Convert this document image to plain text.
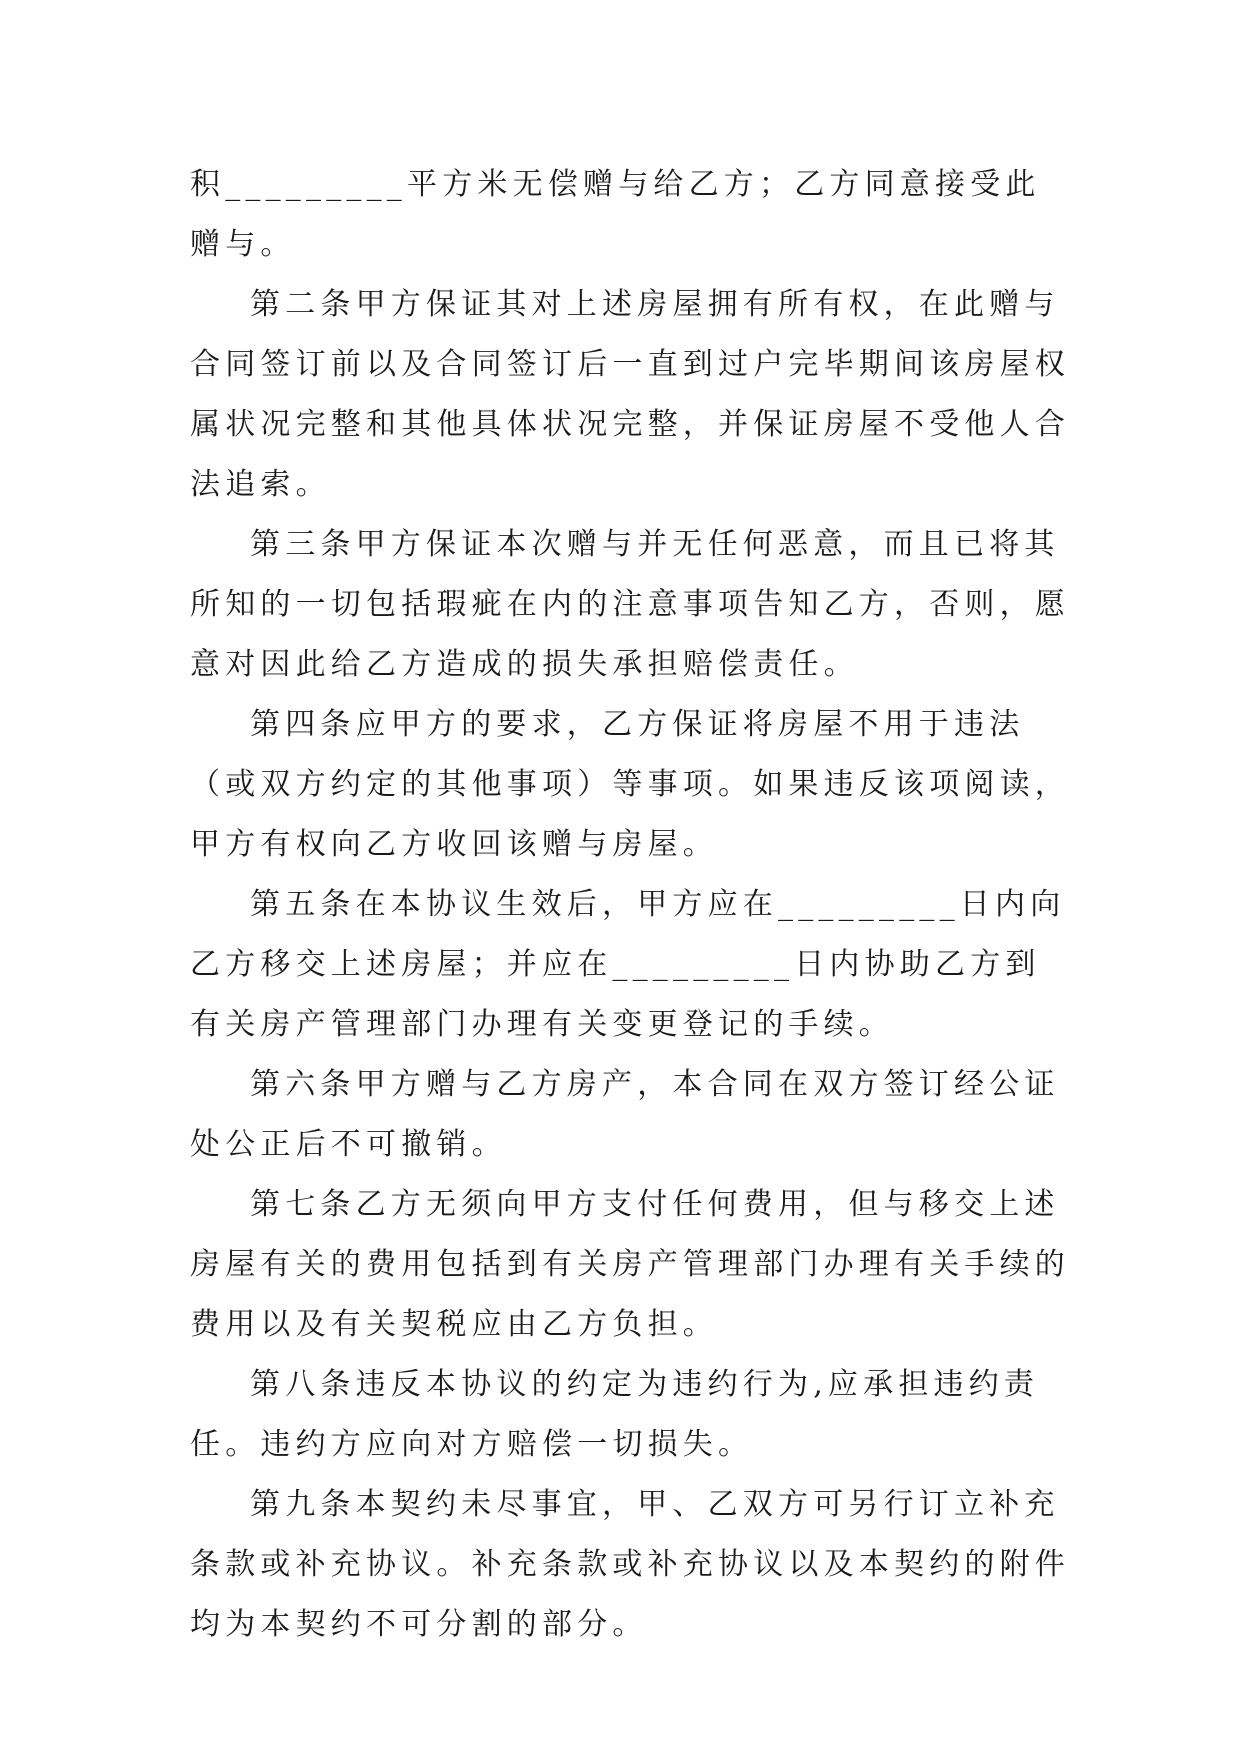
积_________平方米无偿赠与给乙方；乙方同意接受此赠与。

第二条甲方保证其对上述房屋拥有所有权，在此赠与合同签订前以及合同签订后一直到过户完毕期间该房屋权属状况完整和其他具体状况完整，并保证房屋不受他人合法追索。

第三条甲方保证本次赠与并无任何恶意，而且已将其所知的一切包括瑕疵在内的注意事项告知乙方，否则，愿意对因此给乙方造成的损失承担赔偿责任。

第四条应甲方的要求，乙方保证将房屋不用于违法（或双方约定的其他事项）等事项。如果违反该项阅读，甲方有权向乙方收回该赠与房屋。

第五条在本协议生效后，甲方应在_________日内向乙方移交上述房屋；并应在_________日内协助乙方到有关房产管理部门办理有关变更登记的手续。

第六条甲方赠与乙方房产，本合同在双方签订经公证处公正后不可撤销。

第七条乙方无须向甲方支付任何费用，但与移交上述房屋有关的费用包括到有关房产管理部门办理有关手续的费用以及有关契税应由乙方负担。

第八条违反本协议的约定为违约行为,应承担违约责任。违约方应向对方赔偿一切损失。

第九条本契约未尽事宜，甲、乙双方可另行订立补充条款或补充协议。补充条款或补充协议以及本契约的附件均为本契约不可分割的部分。
